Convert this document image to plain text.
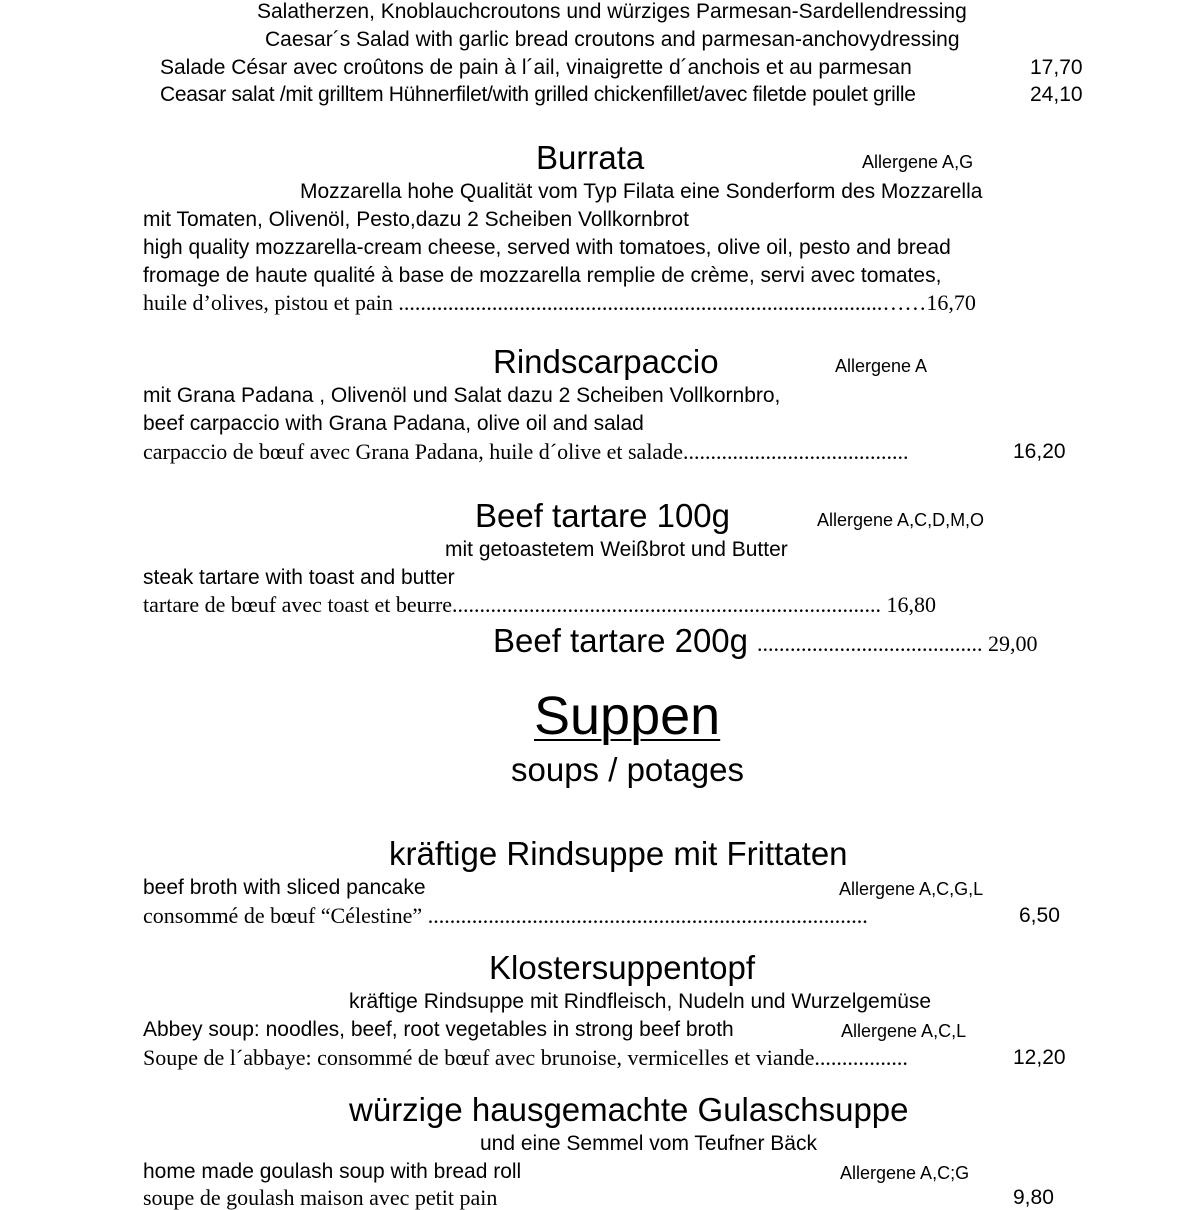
Salatherzen, Knoblauchcroutons und würziges Parmesan-Sardellendressing
Caesar´s Salad with garlic bread croutons and parmesan-anchovydressing
Salade César avec croûtons de pain à l´ail, vinaigrette d´anchois et au parmesan	17,70
Ceasar salat /mit grilltem Hühnerfilet/with grilled chickenfillet/avec filetde poulet grille	24,10
Burrata	Allergene A,G
Mozzarella hohe Qualität vom Typ Filata eine Sonderform des Mozzarella
mit Tomaten, Olivenöl, Pesto,dazu 2 Scheiben Vollkornbrot
high quality mozzarella-cream cheese, served with tomatoes, olive oil, pesto and bread
fromage de haute qualité à base de mozzarella remplie de crème, servi avec tomates,
huile d’olives, pistou et pain ........................................................................................……16,70
Rindscarpaccio	Allergene A
mit Grana Padana , Olivenöl und Salat dazu 2 Scheiben Vollkornbro,
beef carpaccio with Grana Padana, olive oil and salad
carpaccio de bœuf avec Grana Padana, huile d´olive et salade.........................................	16,20
Beef tartare 100g	Allergene A,C,D,M,O
mit getoastetem Weißbrot und Butter
steak tartare with toast and butter
tartare de bœuf avec toast et beurre.............................................................................. 16,80
Beef tartare 200g ......................................... 29,00
Suppen
soups / potages
kräftige Rindsuppe mit Frittaten
beef broth with sliced pancake	Allergene A,C,G,L
consommé de bœuf “Célestine” ................................................................................	6,50
Klostersuppentopf
kräftige Rindsuppe mit Rindfleisch, Nudeln und Wurzelgemüse
Abbey soup: noodles, beef, root vegetables in strong beef broth	Allergene A,C,L
Soupe de l´abbaye: consommé de bœuf avec brunoise, vermicelles et viande.................	12,20
würzige hausgemachte Gulaschsuppe
und eine Semmel vom Teufner Bäck
home made goulash soup with bread roll	Allergene A,C;G
soupe de goulash maison avec petit pain	9,80
